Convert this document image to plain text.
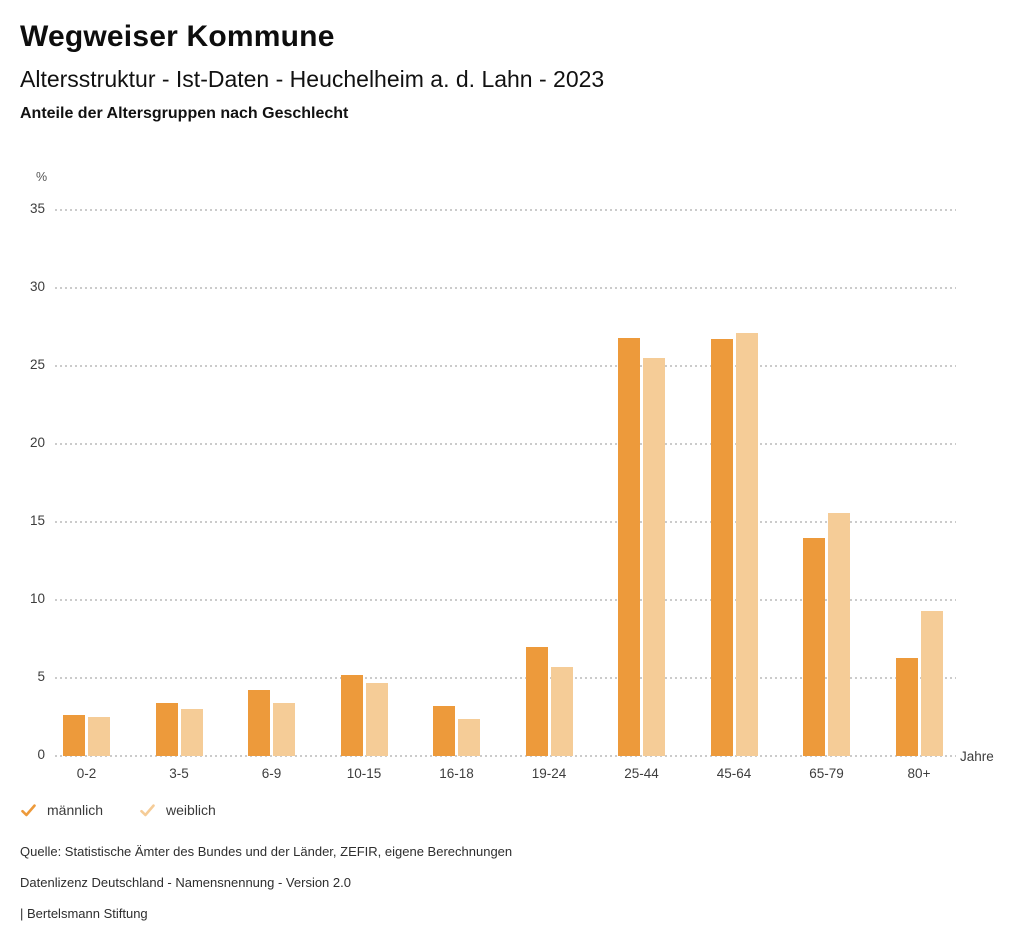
Wegweiser Kommune
Altersstruktur - Ist-Daten - Heuchelheim a. d. Lahn - 2023
Anteile der Altersgruppen nach Geschlecht
%
Jahre
0
5
10
15
20
25
30
35
0-2	3-5	6-9	10-15	16-18	19-24	25-44	45-64	65-79	80+
männlich	weiblich
Quelle: Statistische Ämter des Bundes und der Länder, ZEFIR, eigene Berechnungen
Datenlizenz Deutschland - Namensnennung - Version 2.0
| Bertelsmann Stiftung
